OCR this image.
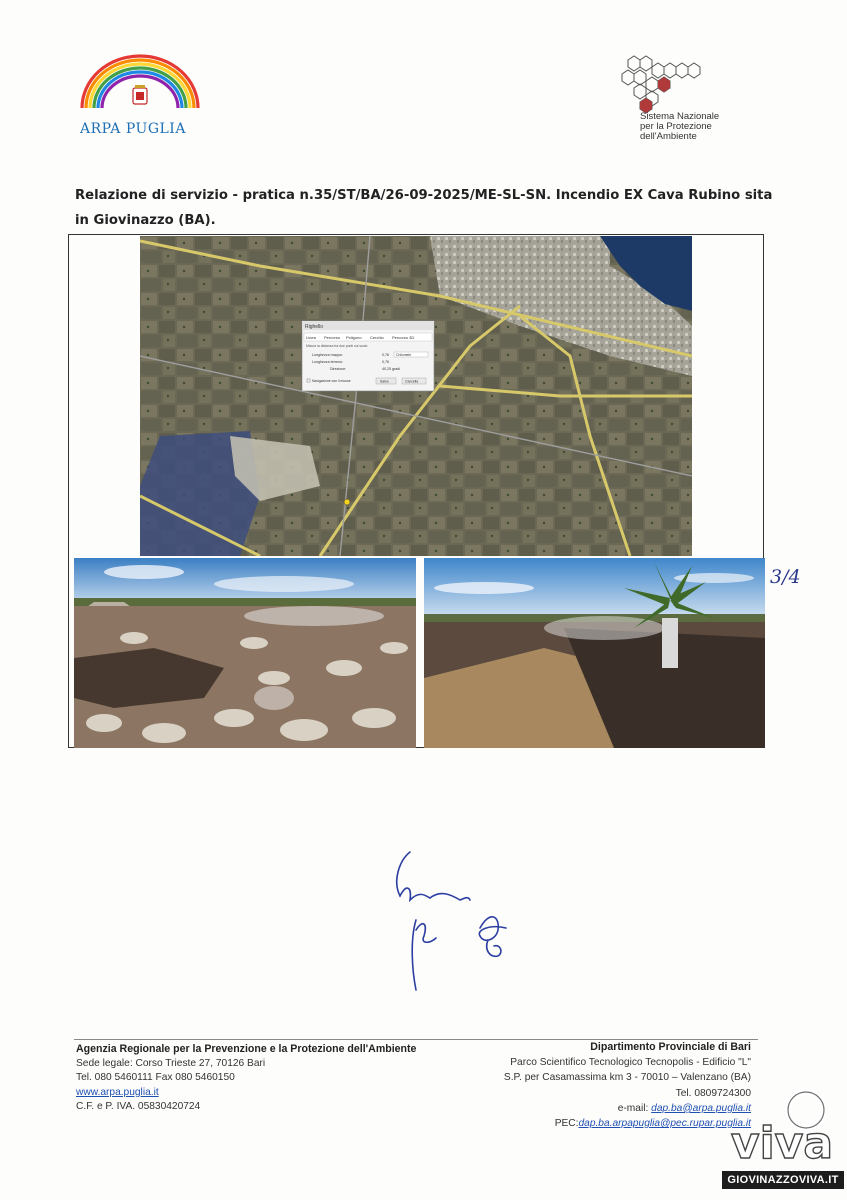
ARPA PUGLIA
Sistema Nazionale
per la Protezione
dell'Ambiente
Relazione di servizio - pratica n.35/ST/BA/26-09-2025/ME-SL-SN. Incendio EX Cava Rubino sita in Giovinazzo (BA).
Righello
Linea Percorso Poligono Cerchio Percorso 3D
Misura la distanza tra due punti sul suolo
Lunghezza mappa:	0,76 Chilometri
Lunghezza terreno:	0,76
Direzione:	40,25 gradi
Navigazione con il mouse	Salva	Cancella
3/4
Agenzia Regionale per la Prevenzione e la Protezione dell'Ambiente
Sede legale: Corso Trieste 27, 70126 Bari
Tel. 080 5460111 Fax 080 5460150
www.arpa.puglia.it
C.F. e P. IVA. 05830420724
Dipartimento Provinciale di Bari
Parco Scientifico Tecnologico Tecnopolis - Edificio "L"
S.P. per Casamassima km 3 - 70010 – Valenzano (BA)
Tel. 0809724300
e-mail: dap.ba@arpa.puglia.it
PEC:dap.ba.arpapuglia@pec.rupar.puglia.it
viva
GIOVINAZZOVIVA.IT
